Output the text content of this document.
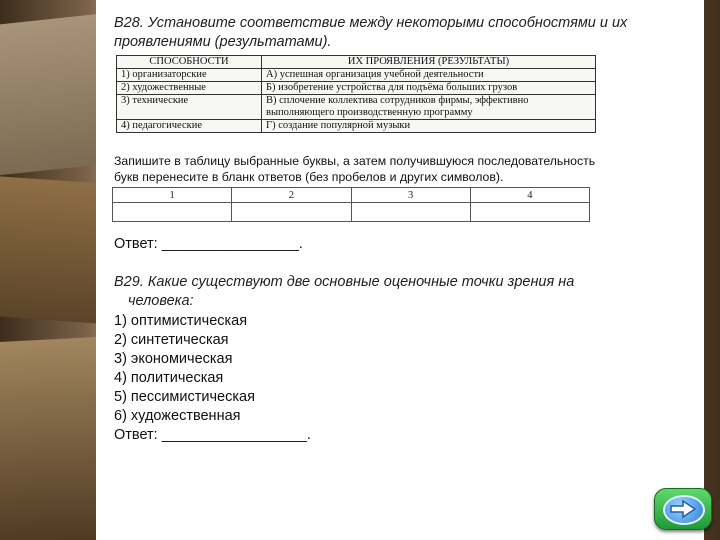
В28. Установите соответствие между некоторыми способностями и их
проявлениями (результатами).
СПОСОБНОСТИ	ИХ ПРОЯВЛЕНИЯ (РЕЗУЛЬТАТЫ)
1) организаторские	А) успешная организация учебной деятельности
2) художественные	Б) изобретение устройства для подъёма больших грузов
3) технические	В) сплочение коллектива сотрудников фирмы, эффективно выполняющего производственную программу
4) педагогические	Г) создание популярной музыки
Запишите в таблицу выбранные буквы, а затем получившуюся последовательность
букв перенесите в бланк ответов (без пробелов и других символов).
1	2	3	4

Ответ: _________________.
В29. Какие существуют две основные оценочные точки зрения на
человека:
1) оптимистическая
2) синтетическая
3) экономическая
4) политическая
5) пессимистическая
6) художественная
Ответ: __________________.
